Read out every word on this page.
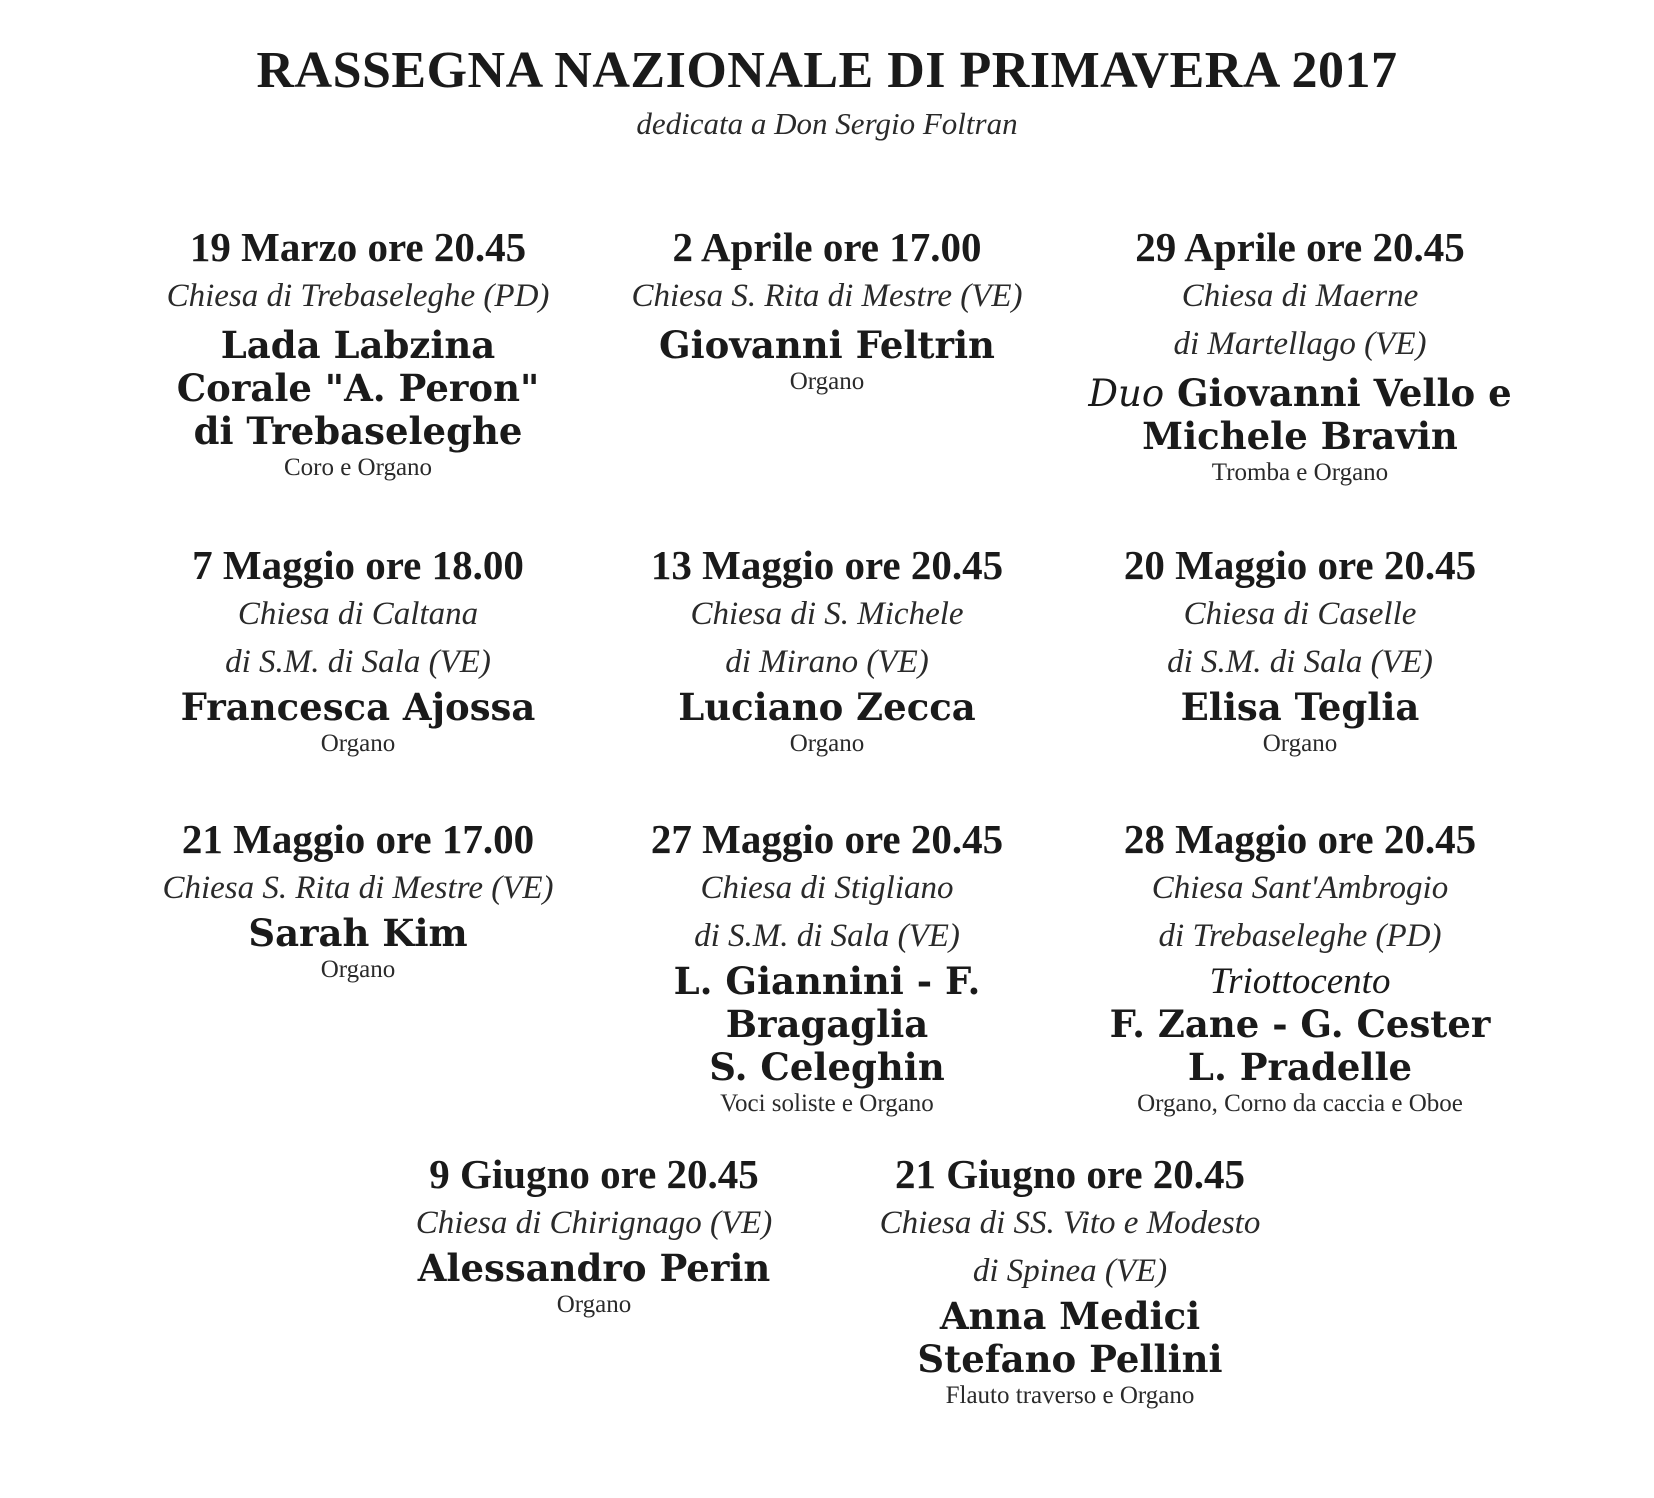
RASSEGNA NAZIONALE DI PRIMAVERA 2017
dedicata a Don Sergio Foltran
19 Marzo ore 20.45
Chiesa di Trebaseleghe (PD)
Lada Labzina
Corale "A. Peron"
di Trebaseleghe
Coro e Organo
2 Aprile ore 17.00
Chiesa S. Rita di Mestre (VE)
Giovanni Feltrin
Organo
29 Aprile ore 20.45
Chiesa di Maerne
di Martellago (VE)
Duo Giovanni Vello e
Michele Bravin
Tromba e Organo
7 Maggio ore 18.00
Chiesa di Caltana
di S.M. di Sala (VE)
Francesca Ajossa
Organo
13 Maggio ore 20.45
Chiesa di S. Michele
di Mirano (VE)
Luciano Zecca
Organo
20 Maggio ore 20.45
Chiesa di Caselle
di S.M. di Sala (VE)
Elisa Teglia
Organo
21 Maggio ore 17.00
Chiesa S. Rita di Mestre (VE)
Sarah Kim
Organo
27 Maggio ore 20.45
Chiesa di Stigliano
di S.M. di Sala (VE)
L. Giannini - F. Bragaglia
S. Celeghin
Voci soliste e Organo
28 Maggio ore 20.45
Chiesa Sant'Ambrogio
di Trebaseleghe (PD)
Triottocento
F. Zane - G. Cester
L. Pradelle
Organo, Corno da caccia e Oboe
9 Giugno ore 20.45
Chiesa di Chirignago (VE)
Alessandro Perin
Organo
21 Giugno ore 20.45
Chiesa di SS. Vito e Modesto
di Spinea (VE)
Anna Medici
Stefano Pellini
Flauto traverso e Organo
